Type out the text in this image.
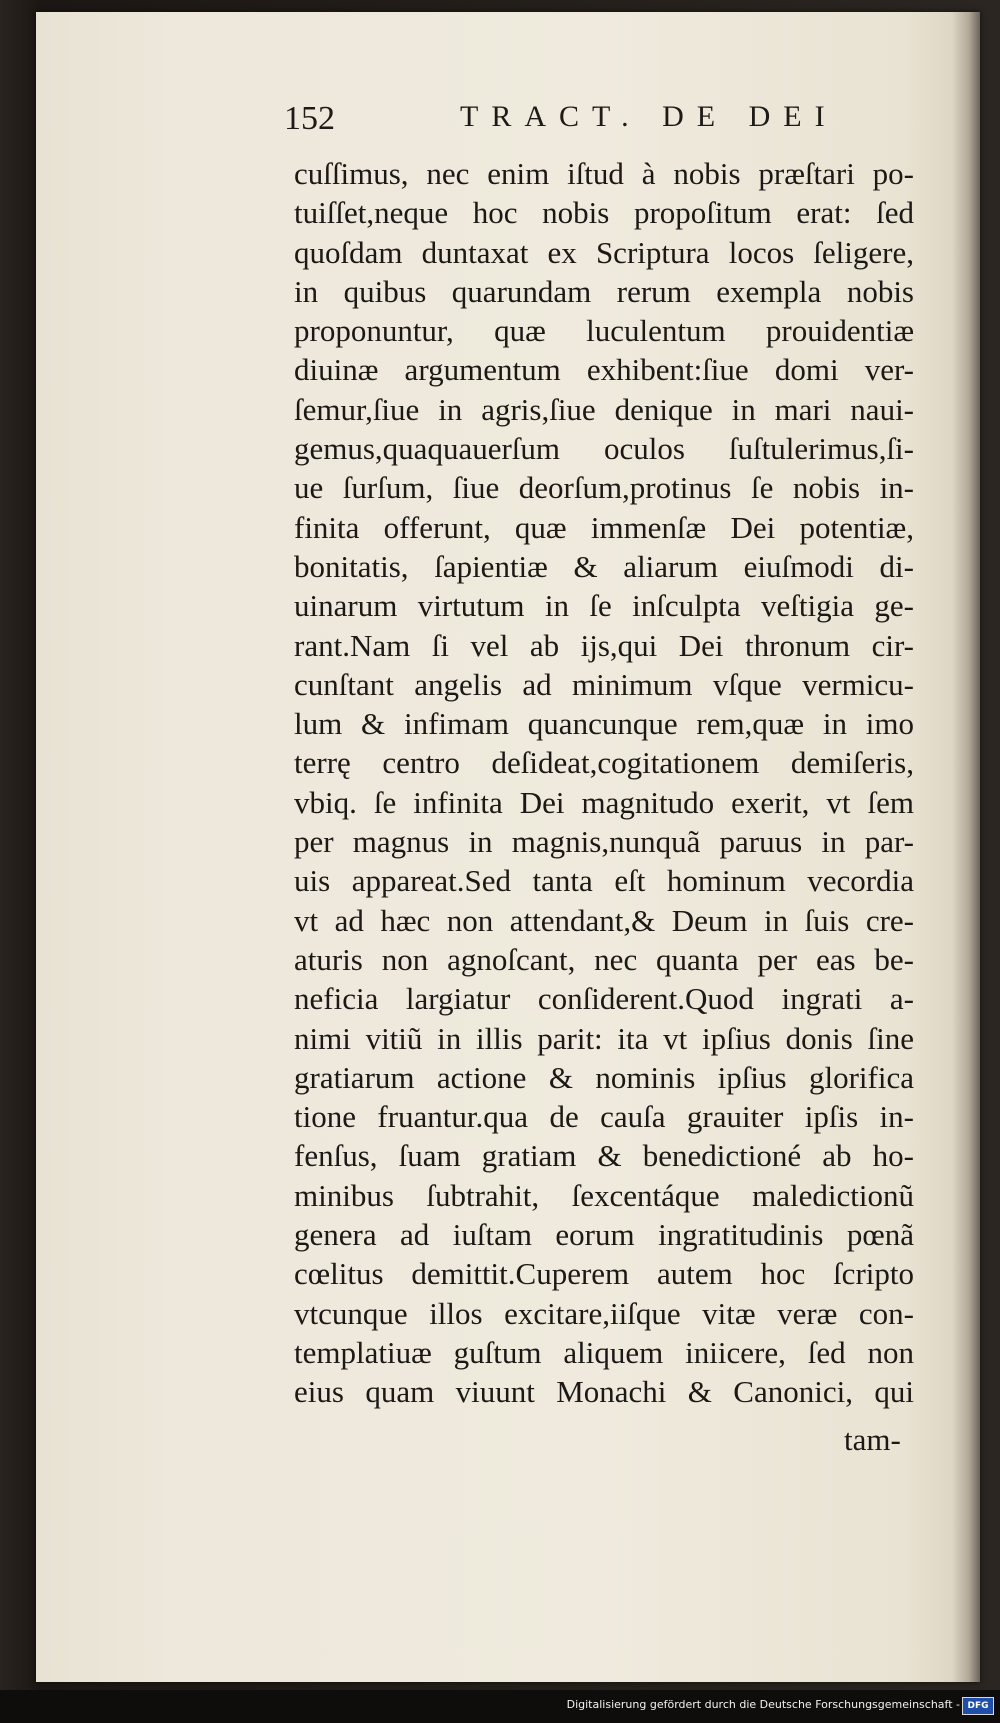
152	TRACT. DE DEI
cuſſimus, nec enim iſtud à nobis præſtari po-
tuiſſet,neque hoc nobis propoſitum erat: ſed
quoſdam duntaxat ex Scriptura locos ſeligere,
in quibus quarundam rerum exempla nobis
proponuntur, quæ luculentum prouidentiæ
diuinæ argumentum exhibent:ſiue domi ver-
ſemur,ſiue in agris,ſiue denique in mari naui-
gemus,quaquauerſum oculos ſuſtulerimus,ſi-
ue ſurſum, ſiue deorſum,protinus ſe nobis in-
finita offerunt, quæ immenſæ Dei potentiæ,
bonitatis, ſapientiæ & aliarum eiuſmodi di-
uinarum virtutum in ſe inſculpta veſtigia ge-
rant.Nam ſi vel ab ijs,qui Dei thronum cir-
cunſtant angelis ad minimum vſque vermicu-
lum & infimam quancunque rem,quæ in imo
terrę centro deſideat,cogitationem demiſeris,
vbiq. ſe infinita Dei magnitudo exerit, vt ſem
per magnus in magnis,nunquã paruus in par-
uis appareat.Sed tanta eſt hominum vecordia
vt ad hæc non attendant,& Deum in ſuis cre-
aturis non agnoſcant, nec quanta per eas be-
neficia largiatur conſiderent.Quod ingrati a-
nimi vitiũ in illis parit: ita vt ipſius donis ſine
gratiarum actione & nominis ipſius glorifica
tione fruantur.qua de cauſa grauiter ipſis in-
fenſus, ſuam gratiam & benedictioné ab ho-
minibus ſubtrahit, ſexcentáque maledictionũ
genera ad iuſtam eorum ingratitudinis pœnã
cœlitus demittit.Cuperem autem hoc ſcripto
vtcunque illos excitare,iiſque vitæ veræ con-
templatiuæ guſtum aliquem iniicere, ſed non
eius quam viuunt Monachi & Canonici, qui
tam-
Digitalisierung gefördert durch die Deutsche Forschungsgemeinschaft - DFG
